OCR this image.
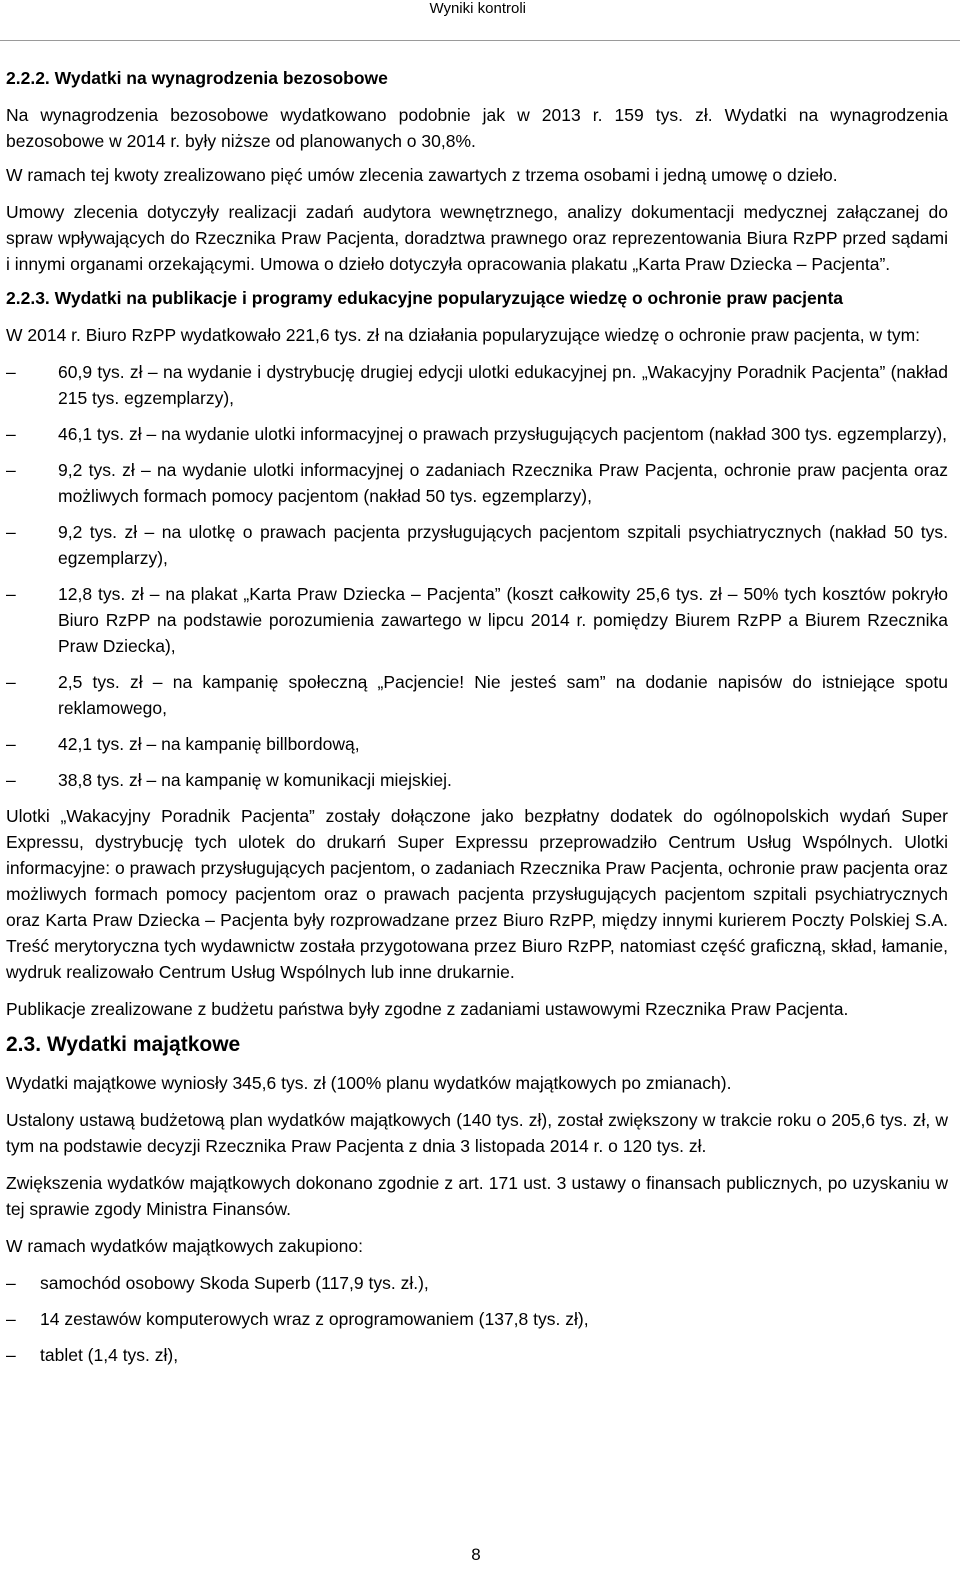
Wyniki kontroli
2.2.2. Wydatki na wynagrodzenia bezosobowe

Na wynagrodzenia bezosobowe wydatkowano podobnie jak w 2013 r. 159 tys. zł. Wydatki na wynagrodzenia bezosobowe w 2014 r. były niższe od planowanych o 30,8%.

W ramach tej kwoty zrealizowano pięć umów zlecenia zawartych z trzema osobami i jedną umowę o dzieło.

Umowy zlecenia dotyczyły realizacji zadań audytora wewnętrznego, analizy dokumentacji medycznej załączanej do spraw wpływających do Rzecznika Praw Pacjenta, doradztwa prawnego oraz reprezentowania Biura RzPP przed sądami i innymi organami orzekającymi. Umowa o dzieło dotyczyła opracowania plakatu „Karta Praw Dziecka – Pacjenta”.

2.2.3. Wydatki na publikacje i programy edukacyjne popularyzujące wiedzę o ochronie praw pacjenta

W 2014 r. Biuro RzPP wydatkowało 221,6 tys. zł na działania popularyzujące wiedzę o ochronie praw pacjenta, w tym:

–	60,9 tys. zł – na wydanie i dystrybucję drugiej edycji ulotki edukacyjnej pn. „Wakacyjny Poradnik Pacjenta” (nakład 215 tys. egzemplarzy),
–	46,1 tys. zł – na wydanie ulotki informacyjnej o prawach przysługujących pacjentom (nakład 300 tys. egzemplarzy),
–	9,2 tys. zł – na wydanie ulotki informacyjnej o zadaniach Rzecznika Praw Pacjenta, ochronie praw pacjenta oraz możliwych formach pomocy pacjentom (nakład 50 tys. egzemplarzy),
–	9,2 tys. zł – na ulotkę o prawach pacjenta przysługujących pacjentom szpitali psychiatrycznych (nakład 50 tys. egzemplarzy),
–	12,8 tys. zł – na plakat „Karta Praw Dziecka – Pacjenta” (koszt całkowity 25,6 tys. zł – 50% tych kosztów pokryło Biuro RzPP na podstawie porozumienia zawartego w lipcu 2014 r. pomiędzy Biurem RzPP a Biurem Rzecznika Praw Dziecka),
–	2,5 tys. zł – na kampanię społeczną „Pacjencie! Nie jesteś sam” na dodanie napisów do istniejące spotu reklamowego,
–	42,1 tys. zł – na kampanię billbordową,
–	38,8 tys. zł – na kampanię w komunikacji miejskiej.

Ulotki „Wakacyjny Poradnik Pacjenta” zostały dołączone jako bezpłatny dodatek do ogólnopolskich wydań Super Expressu, dystrybucję tych ulotek do drukarń Super Expressu przeprowadziło Centrum Usług Wspólnych. Ulotki informacyjne: o prawach przysługujących pacjentom, o zadaniach Rzecznika Praw Pacjenta, ochronie praw pacjenta oraz możliwych formach pomocy pacjentom oraz o prawach pacjenta przysługujących pacjentom szpitali psychiatrycznych oraz Karta Praw Dziecka – Pacjenta były rozprowadzane przez Biuro RzPP, między innymi kurierem Poczty Polskiej S.A. Treść merytoryczna tych wydawnictw została przygotowana przez Biuro RzPP, natomiast część graficzną, skład, łamanie, wydruk realizowało Centrum Usług Wspólnych lub inne drukarnie.

Publikacje zrealizowane z budżetu państwa były zgodne z zadaniami ustawowymi Rzecznika Praw Pacjenta.

2.3. Wydatki majątkowe

Wydatki majątkowe wyniosły 345,6 tys. zł (100% planu wydatków majątkowych po zmianach).

Ustalony ustawą budżetową plan wydatków majątkowych (140 tys. zł), został zwiększony w trakcie roku o 205,6 tys. zł, w tym na podstawie decyzji Rzecznika Praw Pacjenta z dnia 3 listopada 2014 r. o 120 tys. zł.

Zwiększenia wydatków majątkowych dokonano zgodnie z art. 171 ust. 3 ustawy o finansach publicznych, po uzyskaniu w tej sprawie zgody Ministra Finansów.

W ramach wydatków majątkowych zakupiono:

–	samochód osobowy Skoda Superb (117,9 tys. zł.),
–	14 zestawów komputerowych wraz z oprogramowaniem (137,8 tys. zł),
–	tablet (1,4 tys. zł),
8
